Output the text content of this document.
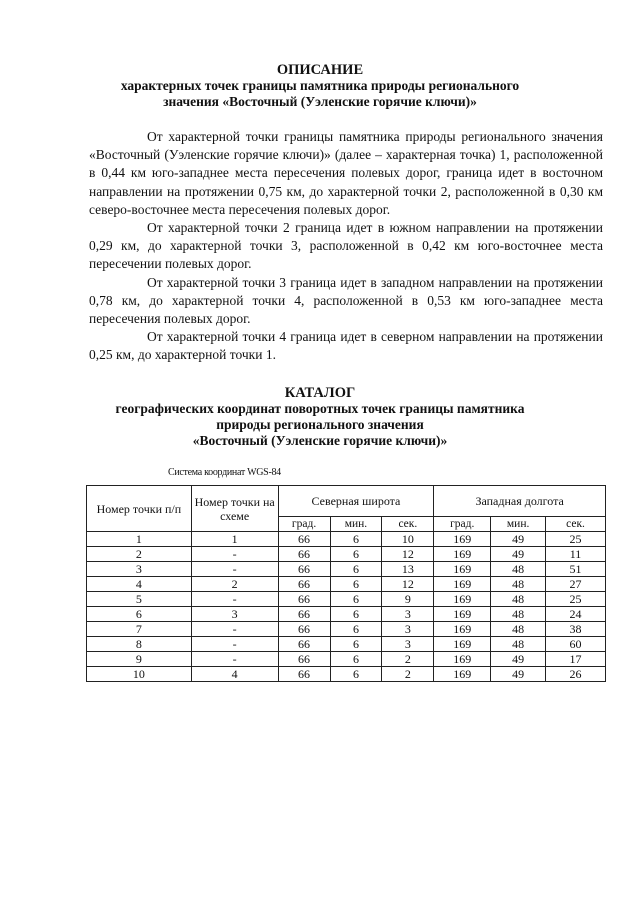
ОПИСАНИЕ
характерных точек границы памятника природы регионального
значения «Восточный (Уэленские горячие ключи)»

От характерной точки границы памятника природы регионального значения «Восточный (Уэленские горячие ключи)» (далее – характерная точка) 1, расположенной в 0,44 км юго-западнее места пересечения полевых дорог, граница идет в восточном направлении на протяжении 0,75 км, до характерной точки 2, расположенной в 0,30 км северо-восточнее места пересечения полевых дорог.

От характерной точки 2 граница идет в южном направлении на протяжении 0,29 км, до характерной точки 3, расположенной в 0,42 км юго-восточнее места пересечении полевых дорог.

От характерной точки 3 граница идет в западном направлении на протяжении 0,78 км, до характерной точки 4, расположенной в 0,53 км юго-западнее места пересечения полевых дорог.

От характерной точки 4 граница идет в северном направлении на протяжении 0,25 км, до характерной точки 1.

КАТАЛОГ
географических координат поворотных точек границы памятника
природы регионального значения
«Восточный (Уэленские горячие ключи)»
Система координат WGS-84
Номер точки п/п	Номер точки на схеме	Северная широта			Западная долгота		
		град.	мин.	сек.	град.	мин.	сек.
1	1	66	6	10	169	49	25
2	-	66	6	12	169	49	11
3	-	66	6	13	169	48	51
4	2	66	6	12	169	48	27
5	-	66	6	9	169	48	25
6	3	66	6	3	169	48	24
7	-	66	6	3	169	48	38
8	-	66	6	3	169	48	60
9	-	66	6	2	169	49	17
10	4	66	6	2	169	49	26
